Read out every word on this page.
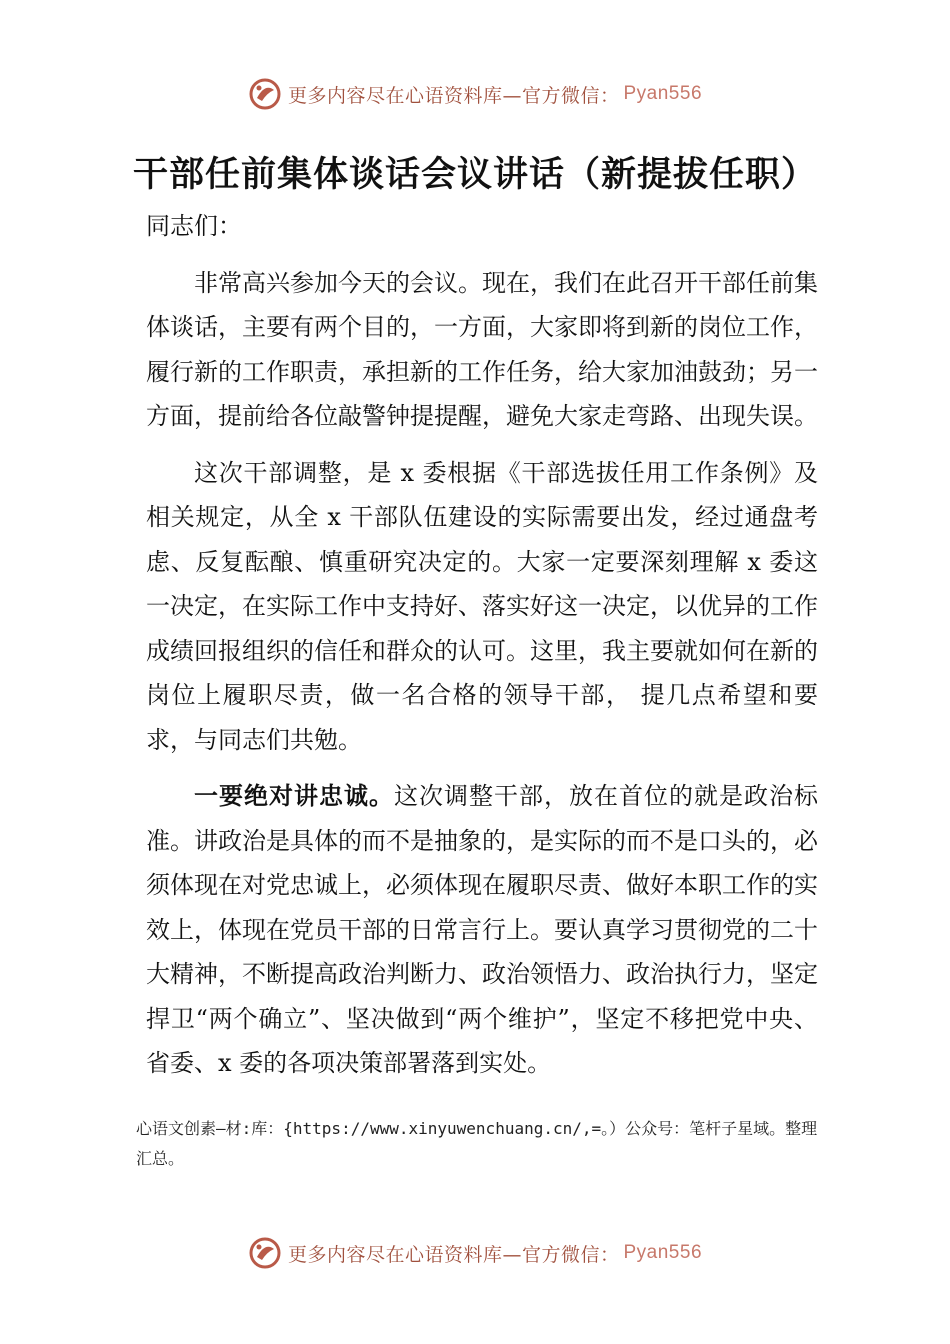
更多内容尽在心语资料库—官方微信： Pyan556
干部任前集体谈话会议讲话（新提拔任职）

同志们：

非常高兴参加今天的会议。现在，我们在此召开干部任前集体谈话，主要有两个目的，一方面，大家即将到新的岗位工作，履行新的工作职责，承担新的工作任务，给大家加油鼓劲；另一方面，提前给各位敲警钟提提醒，避免大家走弯路、出现失误。

这次干部调整，是 x 委根据《干部选拔任用工作条例》及相关规定，从全 x 干部队伍建设的实际需要出发，经过通盘考虑、反复酝酿、慎重研究决定的。大家一定要深刻理解 x 委这一决定，在实际工作中支持好、落实好这一决定，以优异的工作成绩回报组织的信任和群众的认可。这里，我主要就如何在新的岗位上履职尽责，做一名合格的领导干部， 提几点希望和要求，与同志们共勉。

一要绝对讲忠诚。这次调整干部，放在首位的就是政治标准。讲政治是具体的而不是抽象的，是实际的而不是口头的，必须体现在对党忠诚上，必须体现在履职尽责、做好本职工作的实效上，体现在党员干部的日常言行上。要认真学习贯彻党的二十大精神，不断提高政治判断力、政治领悟力、政治执行力，坚定捍卫“两个确立”、坚决做到“两个维护”，坚定不移把党中央、省委、x 委的各项决策部署落到实处。

心语文创素—材:库：{https://www.xinyuwenchuang.cn/,=。）公众号：笔杆子星域。整理汇总。
更多内容尽在心语资料库—官方微信： Pyan556
